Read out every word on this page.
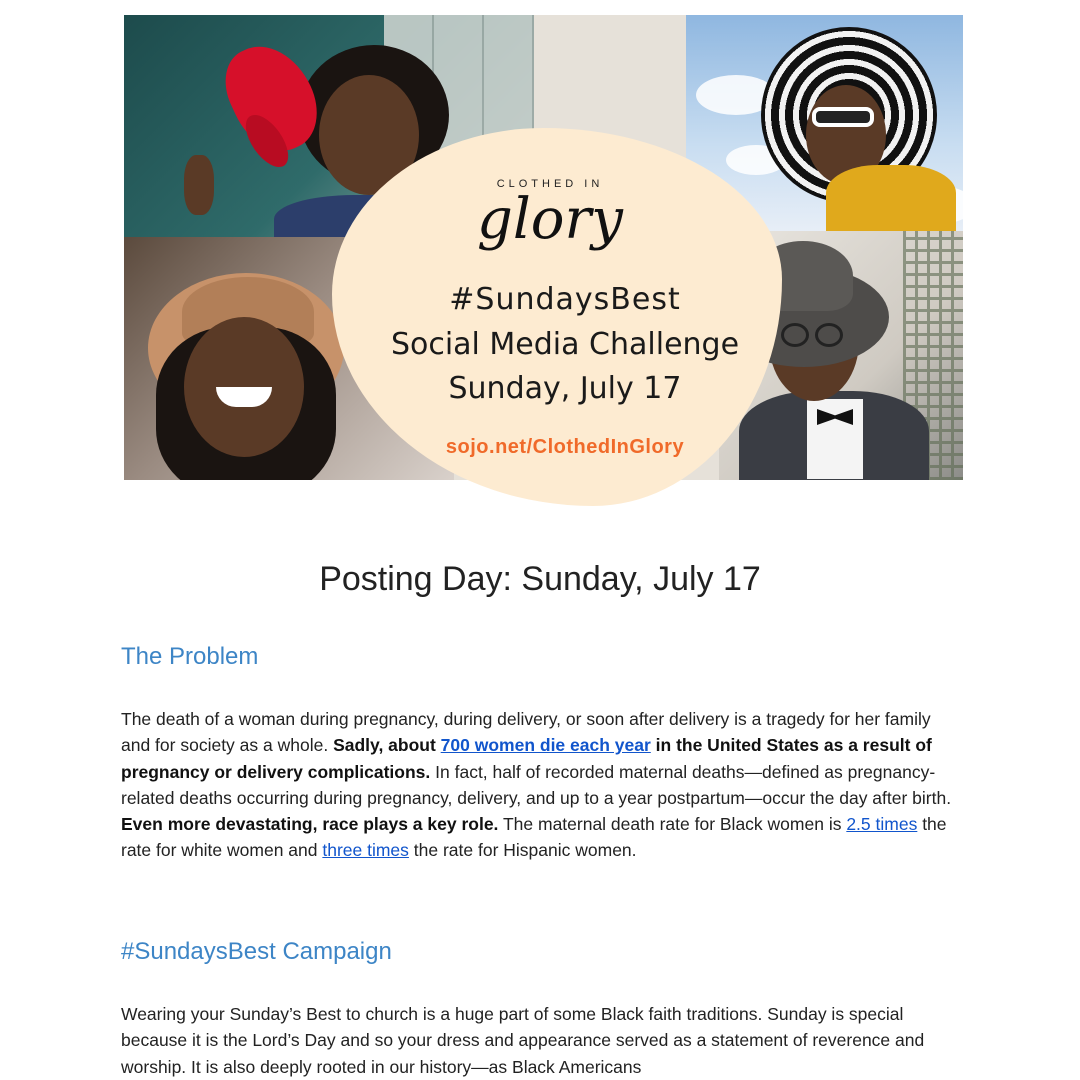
CLOTHED IN
glory
#SundaysBest
Social Media Challenge
Sunday, July 17
sojo.net/ClothedInGlory
Posting Day: Sunday, July 17
The Problem
The death of a woman during pregnancy, during delivery, or soon after delivery is a tragedy for her family and for society as a whole. Sadly, about 700 women die each year in the United States as a result of pregnancy or delivery complications. In fact, half of recorded maternal deaths—defined as pregnancy-related deaths occurring during pregnancy, delivery, and up to a year postpartum—occur the day after birth. Even more devastating, race plays a key role. The maternal death rate for Black women is 2.5 times the rate for white women and three times the rate for Hispanic women.
#SundaysBest Campaign
Wearing your Sunday’s Best to church is a huge part of some Black faith traditions. Sunday is special because it is the Lord’s Day and so your dress and appearance served as a statement of reverence and worship. It is also deeply rooted in our history—as Black Americans
